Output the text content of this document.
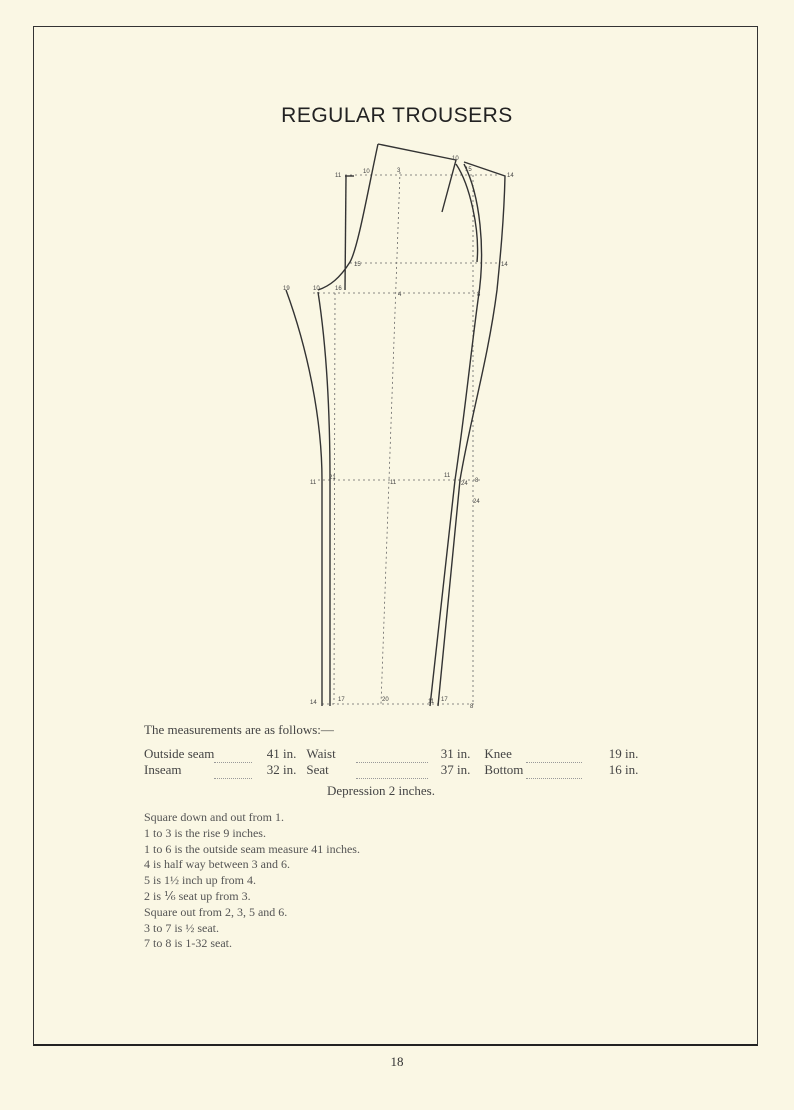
REGULAR TROUSERS
11
10	3
10
15
14
15	14
19	10	16
4	8
11
21
11
11
24 8
24
14	17	20	11 17
8
The measurements are as follows:—
Outside seam		41 in.	Waist		31 in.	Knee		19 in.
Inseam		32 in.	Seat		37 in.	Bottom		16 in.
Depression 2 inches.
Square down and out from 1.
1 to 3 is the rise 9 inches.
1 to 6 is the outside seam measure 41 inches.
4 is half way between 3 and 6.
5 is 1½ inch up from 4.
2 is ⅙ seat up from 3.
Square out from 2, 3, 5 and 6.
3 to 7 is ½ seat.
7 to 8 is 1-32 seat.
18
